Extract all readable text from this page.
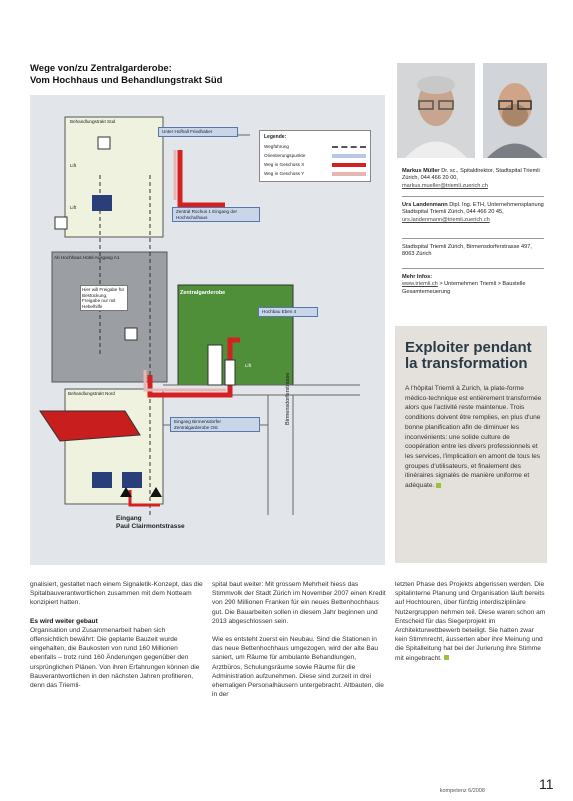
Wege von/zu Zentralgarderobe:
Vom Hochhaus und Behandlungstrakt Süd
Behandlungstrakt Süd
Lift
Lift
Ab Hochhaus Hotel Ausgang A1
Zentralgarderobe
Lift
Behandlungstrakt Nord
Hier will Freigabe für Bestückung, Freigabe nur mit Hebelhilfe
Unter Hofhall Friedhaber
Zentral Rochus 1 Eingang der Hochschulhaus
Hochbau Eben 4
Eingang Birmensdorfer Zentralgarderobe Ost
Legende:
Wegführung
Orientierungspunkte
Weg in Geschoss X
Weg in Geschoss Y
Birmensdorferstrasse
Eingang
Paul Clairmontstrasse
Markus Müller Dr. sc., Spitaldirektor, Stadtspital Triemli Zürich, 044 466 20 00, markus.mueller@triemli.zuerich.ch
Urs Landenmann Dipl. Ing. ETH, Unternehmensplanung Stadtspital Triemli Zürich, 044 466 20 45, urs.landenmann@triemli.zuerich.ch
Stadtspital Triemli Zürich, Birmensdorferstrasse 497, 8063 Zürich
Mehr Infos:
www.triemli.ch > Unternehmen Triemli > Baustelle Gesamterneuerung
Exploiter pendant la transformation
A l'hôpital Triemli à Zurich, la plate-forme médico-technique est entièrement transformée alors que l'activité reste maintenue. Trois conditions doivent être remplies, en plus d'une bonne planification afin de diminuer les inconvénients: une solide culture de coopération entre les divers professionnels et les services, l'implication en amont de tous les groupes d'utilisateurs, et finalement des itinéraires signalés de manière uniforme et adéquate.

gnalisiert, gestaltet nach einem Signaletik-Konzept, das die Spitalbauverantwortlichen zusammen mit dem Notteam konzipiert hatten.

Es wird weiter gebaut

Organisation und Zusammenarbeit haben sich offensichtlich bewährt: Die geplante Bauzeit wurde eingehalten, die Baukosten von rund 160 Millionen ebenfalls – trotz rund 160 Änderungen gegenüber den ursprünglichen Plänen. Von ihren Erfahrungen können die Bauverantwortlichen in den nächsten Jahren profitieren, denn das Triemli-

spital baut weiter: Mit grossem Mehrheit hiess das Stimmvolk der Stadt Zürich im November 2007 einen Kredit von 290 Millionen Franken für ein neues Bettenhochhaus gut. Die Bauarbeiten sollen in diesem Jahr beginnen und 2013 abgeschlossen sein.

Wie es entsteht zuerst ein Neubau. Sind die Stationen in das neue Bettenhochhaus umgezogen, wird der alte Bau saniert, um Räume für ambulante Behandlungen, Arztbüros, Schulungsräume sowie Räume für die Administration aufzunehmen. Diese sind zurzeit in drei ehemaligen Personalhäusern untergebracht. Altbauten, die in der

letzten Phase des Projekts abgerissen werden. Die spitalinterne Planung und Organisation läuft bereits auf Hochtouren, über fünfzig interdisziplinäre Nutzergruppen nehmen teil. Diese waren schon am Entscheid für das Siegerprojekt im Architekturwettbewerb beteiligt. Sie hatten zwar kein Stimmrecht, äusserten aber ihre Meinung und die Spitalleitung hat bei der Jurierung ihre Stimme mit eingebracht.

kompetenz 6/2008	11
